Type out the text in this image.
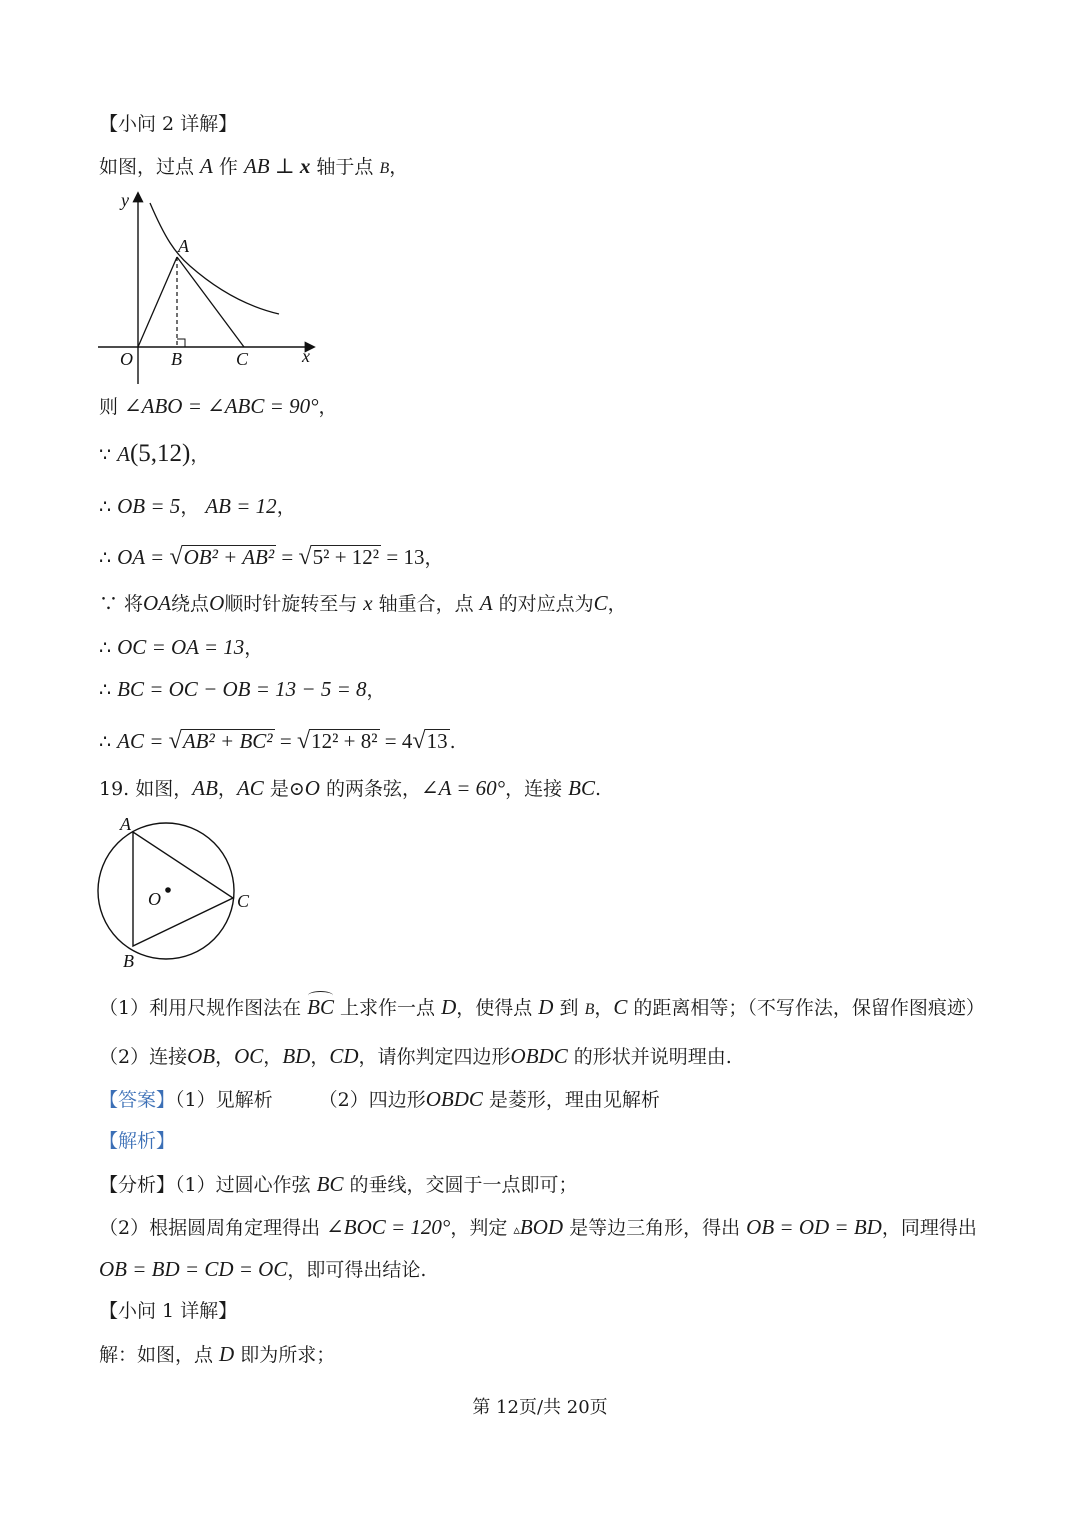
【小问 2 详解】
如图，过点 A 作 AB ⊥ x 轴于点 B，
y
A
O B	C	x
则 ∠ABO = ∠ABC = 90°，
∵ A(5,12)，
∴ OB = 5， AB = 12，
∴ OA = √OB² + AB² = √5² + 12² = 13，
∵ 将OA绕点O顺时针旋转至与 x 轴重合，点 A 的对应点为C，
∴ OC = OA = 13，
∴ BC = OC − OB = 13 − 5 = 8，
∴ AC = √AB² + BC² = √12² + 8² = 4√13 .
19. 如图，AB，AC 是⊙O 的两条弦，∠A = 60°，连接 BC.
A
B
C
O
（1）利用尺规作图法在 BC 上求作一点 D，使得点 D 到 B，C 的距离相等；（不写作法，保留作图痕迹）
（2）连接OB，OC，BD，CD，请你判定四边形OBDC 的形状并说明理由.
【答案】（1）见解析 （2）四边形OBDC 是菱形，理由见解析
【解析】
【分析】（1）过圆心作弦 BC 的垂线，交圆于一点即可；
（2）根据圆周角定理得出 ∠BOC = 120°，判定 ▵BOD 是等边三角形，得出 OB = OD = BD，同理得出
OB = BD = CD = OC，即可得出结论.
【小问 1 详解】
解：如图，点 D 即为所求；
第 12页/共 20页
